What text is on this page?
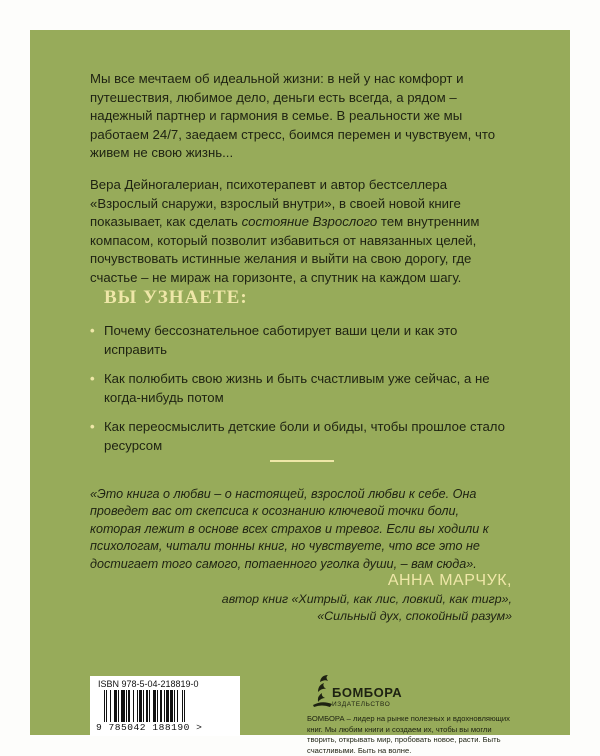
Мы все мечтаем об идеальной жизни: в ней у нас комфорт и путешествия, любимое дело, деньги есть всегда, а рядом – надежный партнер и гармония в семье. В реальности же мы работаем 24/7, заедаем стресс, боимся перемен и чувствуем, что живем не свою жизнь...

Вера Дейногалериан, психотерапевт и автор бестселлера «Взрослый снаружи, взрослый внутри», в своей новой книге показывает, как сделать состояние Взрослого тем внутренним компасом, который позволит избавиться от навязанных целей, почувствовать истинные желания и выйти на свою дорогу, где счастье – не мираж на горизонте, а спутник на каждом шагу.

ВЫ УЗНАЕТЕ:
• Почему бессознательное саботирует ваши цели и как это исправить
• Как полюбить свою жизнь и быть счастливым уже сейчас, а не когда-нибудь потом
• Как переосмыслить детские боли и обиды, чтобы прошлое стало ресурсом

«Это книга о любви – о настоящей, взрослой любви к себе. Она проведет вас от скепсиса к осознанию ключевой точки боли, которая лежит в основе всех страхов и тревог. Если вы ходили к психологам, читали тонны книг, но чувствуете, что все это не достигает того самого, потаенного уголка души, – вам сюда».

АННА МАРЧУК,
автор книг «Хитрый, как лис, ловкий, как тигр»,
«Сильный дух, спокойный разум»
ISBN 978-5-04-218819-0
9 785042 188190 >
БОМБОРА
ИЗДАТЕЛЬСТВО

БОМБОРА – лидер на рынке полезных и вдохновляющих книг. Мы любим книги и создаем их, чтобы вы могли творить, открывать мир, пробовать новое, расти. Быть счастливыми. Быть на волне.
